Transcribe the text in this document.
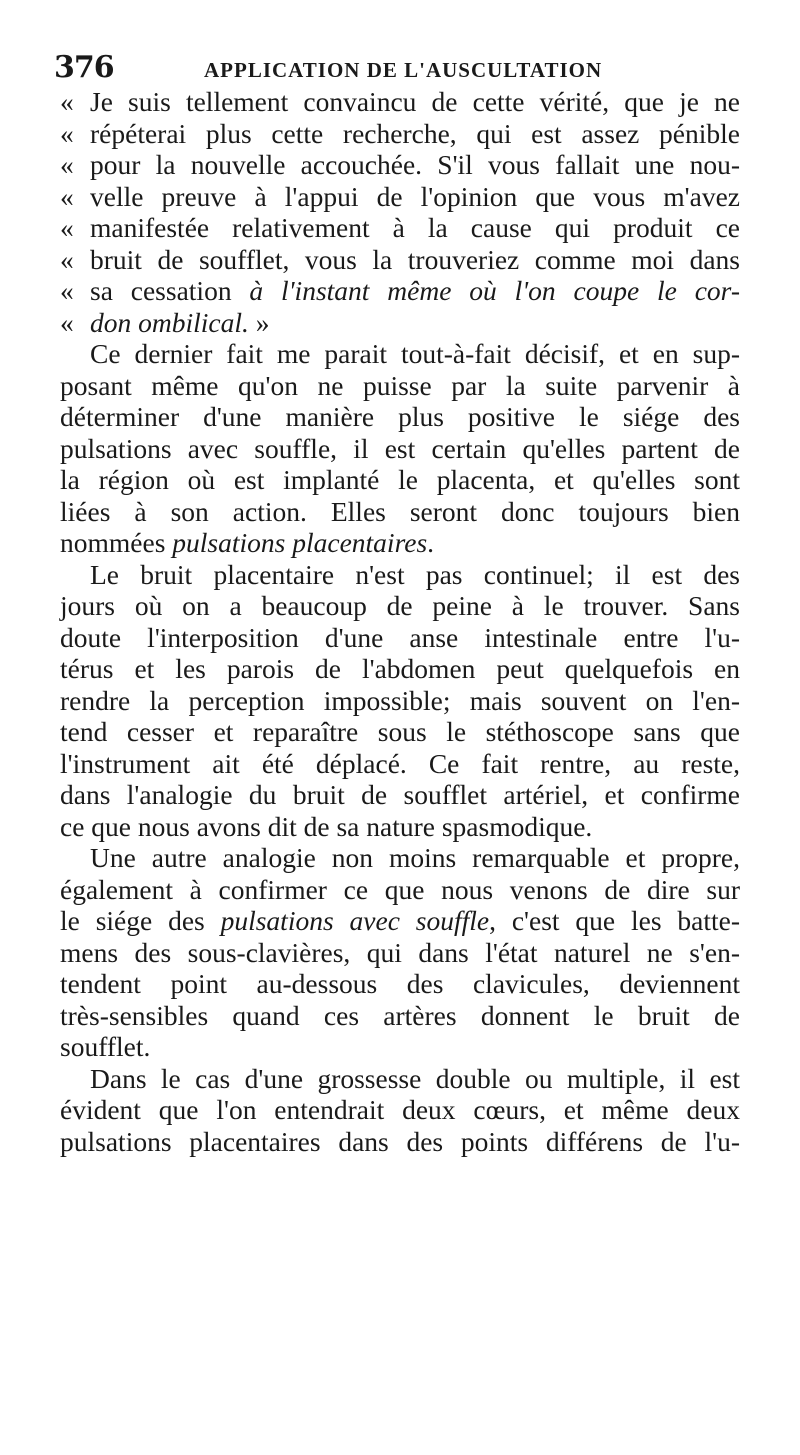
376	APPLICATION DE L'AUSCULTATION
« Je suis tellement convaincu de cette vérité, que je ne
« répéterai plus cette recherche, qui est assez pénible
« pour la nouvelle accouchée. S'il vous fallait une nou-
« velle preuve à l'appui de l'opinion que vous m'avez
« manifestée relativement à la cause qui produit ce
« bruit de soufflet, vous la trouveriez comme moi dans
« sa cessation à l'instant même où l'on coupe le cor-
« don ombilical. »
Ce dernier fait me parait tout-à-fait décisif, et en sup-
posant même qu'on ne puisse par la suite parvenir à
déterminer d'une manière plus positive le siége des
pulsations avec souffle, il est certain qu'elles partent de
la région où est implanté le placenta, et qu'elles sont
liées à son action. Elles seront donc toujours bien
nommées pulsations placentaires.
Le bruit placentaire n'est pas continuel; il est des
jours où on a beaucoup de peine à le trouver. Sans
doute l'interposition d'une anse intestinale entre l'u-
térus et les parois de l'abdomen peut quelquefois en
rendre la perception impossible; mais souvent on l'en-
tend cesser et reparaître sous le stéthoscope sans que
l'instrument ait été déplacé. Ce fait rentre, au reste,
dans l'analogie du bruit de soufflet artériel, et confirme
ce que nous avons dit de sa nature spasmodique.
Une autre analogie non moins remarquable et propre,
également à confirmer ce que nous venons de dire sur
le siége des pulsations avec souffle, c'est que les batte-
mens des sous-clavières, qui dans l'état naturel ne s'en-
tendent point au-dessous des clavicules, deviennent
très-sensibles quand ces artères donnent le bruit de
soufflet.
Dans le cas d'une grossesse double ou multiple, il est
évident que l'on entendrait deux cœurs, et même deux
pulsations placentaires dans des points différens de l'u-
